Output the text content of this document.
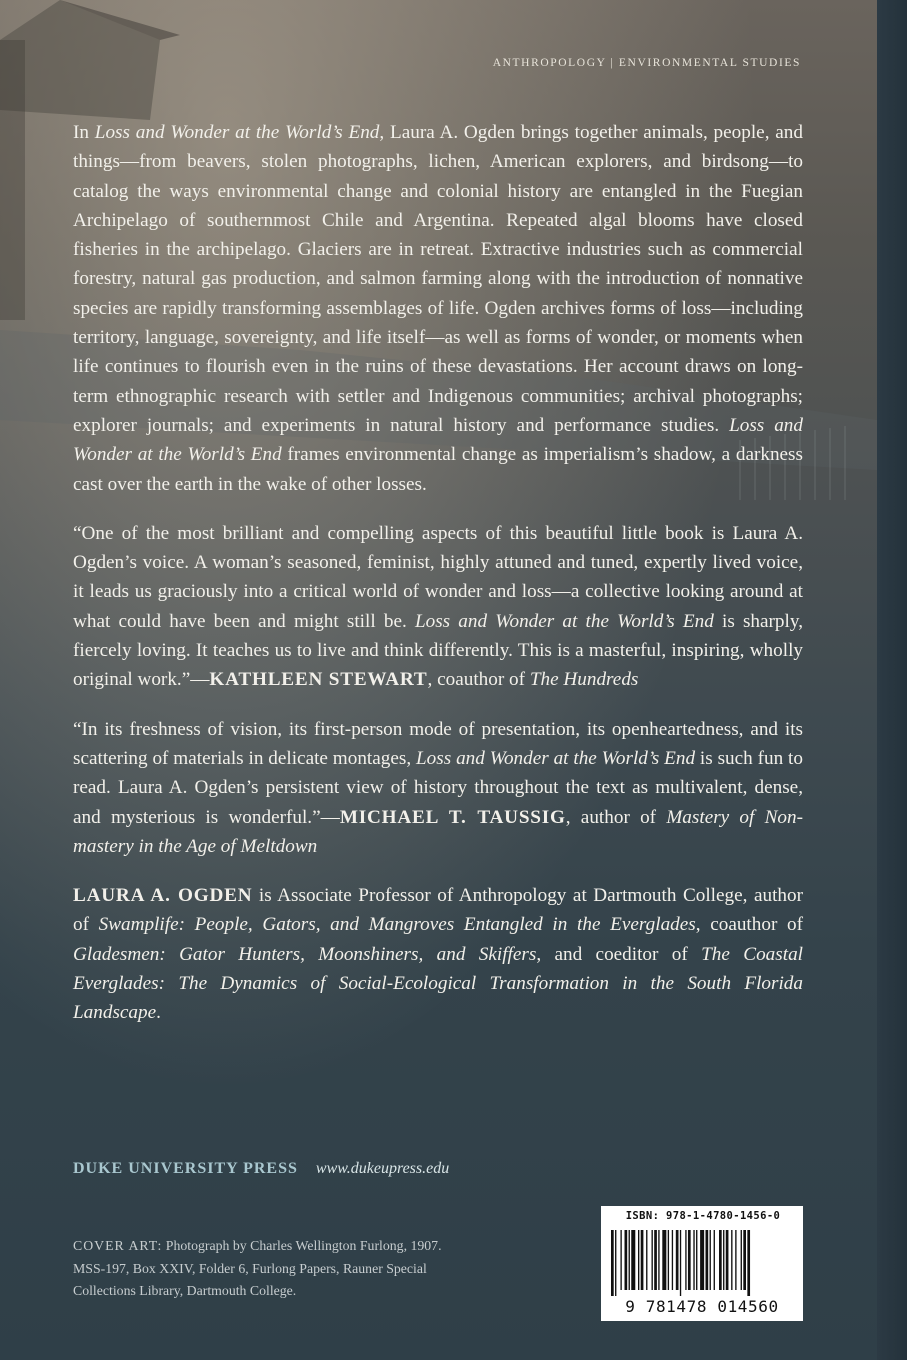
ANTHROPOLOGY | ENVIRONMENTAL STUDIES

In Loss and Wonder at the World’s End, Laura A. Ogden brings together animals, people, and things—from beavers, stolen photographs, lichen, American explorers, and birdsong—to catalog the ways environmental change and colonial history are entangled in the Fuegian Archipelago of southernmost Chile and Argentina. Repeated algal blooms have closed fisheries in the archipelago. Glaciers are in retreat. Extractive industries such as commercial forestry, natural gas production, and salmon farming along with the introduction of nonnative species are rapidly transforming assemblages of life. Ogden archives forms of loss—including territory, language, sovereignty, and life itself—as well as forms of wonder, or moments when life continues to flourish even in the ruins of these devastations. Her account draws on long-term ethnographic research with settler and Indigenous communities; archival photographs; explorer journals; and experiments in natural history and performance studies. Loss and Wonder at the World’s End frames environmental change as imperialism’s shadow, a darkness cast over the earth in the wake of other losses.

“One of the most brilliant and compelling aspects of this beautiful little book is Laura A. Ogden’s voice. A woman’s seasoned, feminist, highly attuned and tuned, expertly lived voice, it leads us graciously into a critical world of wonder and loss—a collective looking around at what could have been and might still be. Loss and Wonder at the World’s End is sharply, fiercely loving. It teaches us to live and think differently. This is a masterful, inspiring, wholly original work.”—KATHLEEN STEWART, coauthor of The Hundreds

“In its freshness of vision, its first-person mode of presentation, its openheartedness, and its scattering of materials in delicate montages, Loss and Wonder at the World’s End is such fun to read. Laura A. Ogden’s persistent view of history throughout the text as multivalent, dense, and mysterious is wonderful.”—MICHAEL T. TAUSSIG, author of Mastery of Non-mastery in the Age of Meltdown

LAURA A. OGDEN is Associate Professor of Anthropology at Dartmouth College, author of Swamplife: People, Gators, and Mangroves Entangled in the Everglades, coauthor of Gladesmen: Gator Hunters, Moonshiners, and Skiffers, and coeditor of The Coastal Everglades: The Dynamics of Social-Ecological Transformation in the South Florida Landscape.

DUKE UNIVERSITY PRESS www.dukeupress.edu
COVER ART: Photograph by Charles Wellington Furlong, 1907. MSS-197, Box XXIV, Folder 6, Furlong Papers, Rauner Special Collections Library, Dartmouth College.
ISBN: 978-1-4780-1456-0
9 781478 014560
